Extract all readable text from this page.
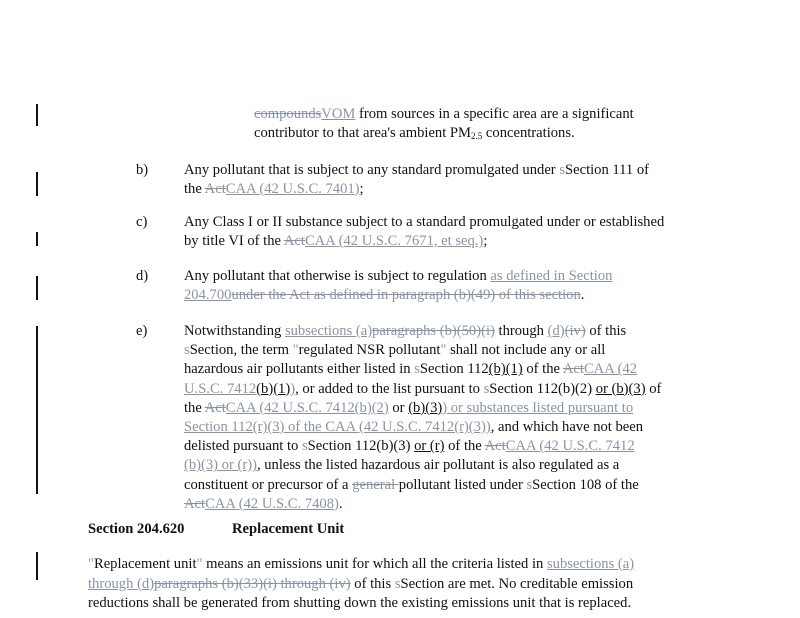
compoundsVOM from sources in a specific area are a significant
contributor to that area's ambient $PM_{2.5}$ concentrations.
b) Any pollutant that is subject to any standard promulgated under sSection 111 of
the ActCAA (42 U.S.C. 7401);
c)	Any Class I or II substance subject to a standard promulgated under or established
by title VI of the ActCAA (42 U.S.C. 7671, et seq.);
d) Any pollutant that otherwise is subject to regulation as defined in Section
204.700under the Act as defined in paragraph (b)(49) of this section.
e)	Notwithstanding subsections (a)paragraphs (b)(50)(i) through (d)(iv) of this
sSection, the term "regulated NSR pollutant" shall not include any or all
hazardous air pollutants either listed in sSection 112(b)(1) of the ActCAA (42
U.S.C. 7412(b)(1)), or added to the list pursuant to sSection 112(b)(2) or (b)(3) of
the ActCAA (42 U.S.C. 7412(b)(2) or (b)(3)) or substances listed pursuant to
Section 112(r)(3) of the CAA (42 U.S.C. 7412(r)(3)), and which have not been
delisted pursuant to sSection 112(b)(3) or (r) of the ActCAA (42 U.S.C. 7412
(b)(3) or (r)), unless the listed hazardous air pollutant is also regulated as a
constituent or precursor of a general pollutant listed under sSection 108 of the
ActCAA (42 U.S.C. 7408).
Section 204.620	Replacement Unit
"Replacement unit" means an emissions unit for which all the criteria listed in subsections (a)
through (d)paragraphs (b)(33)(i) through (iv) of this sSection are met. No creditable emission
reductions shall be generated from shutting down the existing emissions unit that is replaced.
